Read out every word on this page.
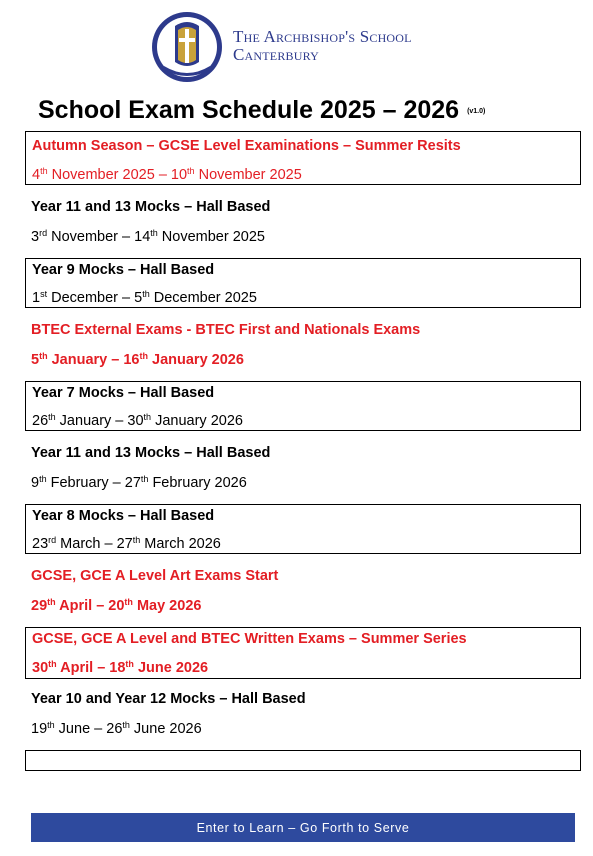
The Archbishop's School
Canterbury
School Exam Schedule 2025 – 2026 (v1.0)
Autumn Season – GCSE Level Examinations – Summer Resits
4th November 2025 – 10th November 2025
Year 11 and 13 Mocks – Hall Based
3rd November – 14th November 2025
Year 9 Mocks – Hall Based
1st December – 5th December 2025
BTEC External Exams - BTEC First and Nationals Exams
5th January – 16th January 2026
Year 7 Mocks – Hall Based
26th January – 30th January 2026
Year 11 and 13 Mocks – Hall Based
9th February – 27th February 2026
Year 8 Mocks – Hall Based
23rd March – 27th March 2026
GCSE, GCE A Level Art Exams Start
29th April – 20th May 2026
GCSE, GCE A Level and BTEC Written Exams – Summer Series
30th April – 18th June 2026
Year 10 and Year 12 Mocks – Hall Based
19th June – 26th June 2026
Enter to Learn – Go Forth to Serve
